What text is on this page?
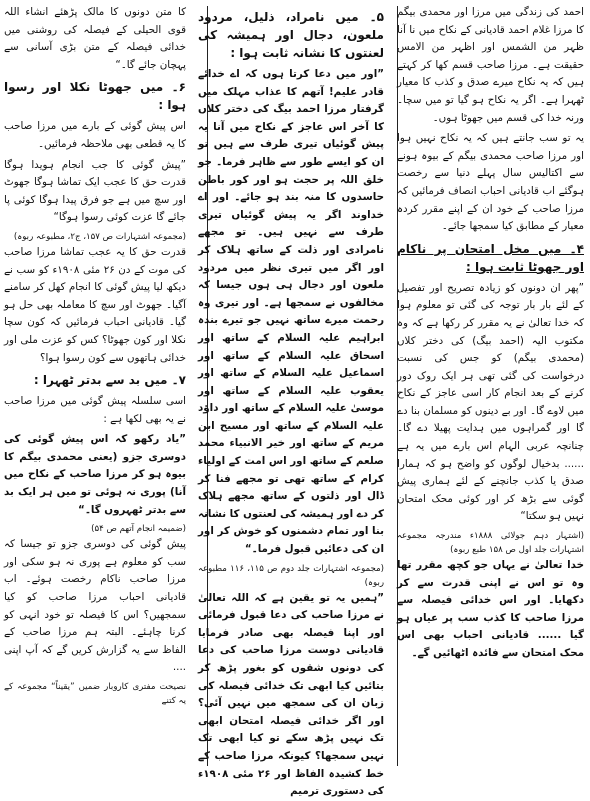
احمد کی زندگی میں مرزا اور محمدی بیگم کا مرزا غلام احمد قادیانی کے نکاح میں نا آنا ظہر من الشمس اور اظہر من الامس حقیقت ہے۔ مرزا صاحب قسم کھا کر کہتے ہیں کہ یہ نکاح میرے صدق و کذب کا معیار ٹھہرا ہے۔ اگر یہ نکاح ہو گیا تو میں سچا۔ ورنہ خدا کی قسم میں جھوٹا ہوں۔

یہ تو سب جانتے ہیں کہ یہ نکاح نہیں ہوا اور مرزا صاحب محمدی بیگم کے بیوہ ہونے سے اکتالیس سال پہلے دنیا سے رخصت ہوگئے اب قادیانی احباب انصاف فرمائیں کہ مرزا صاحب کے خود ان کے اپنے مقرر کردہ معیار کے مطابق کیا سمجھا جائے۔

۴۔ میں مخل امتحان پر ناکام اور جھوٹا ثابت ہوا :

”پھر ان دونوں کو زیادہ تصریح اور تفصیل کے لئے بار بار توجہ کی گئی تو معلوم ہوا کہ خدا تعالیٰ نے یہ مقرر کر رکھا ہے کہ وہ مکتوب الیہ (احمد بیگ) کی دختر کلاں (محمدی بیگم) کو جس کی نسبت درخواست کی گئی تھی ہر ایک روک دور کرنے کے بعد انجام کار اسی عاجز کے نکاح میں لاوے گا۔ اور بے دینوں کو مسلمان بنا دے گا اور گمراہوں میں ہدایت پھیلا دے گا۔ چنانچہ عربی الہام اس بارے میں یہ ہے ...... بدخیال لوگوں کو واضح ہو کہ ہمارا صدق یا کذب جانچنے کے لئے ہماری پیش گوئی سے بڑھ کر اور کوئی محک امتحان نہیں ہو سکتا“

(اشتہار دہم جولائی ۱۸۸۸ء مندرجہ مجموعہ اشتہارات جلد اول ص ۱۵۸ طبع ربوہ)

خدا تعالیٰ نے یہاں جو کچھ مقرر تھا وہ تو اس نے اپنی قدرت سے کر دکھایا۔ اور اس خدائی فیصلہ سے مرزا صاحب کا کذب سب پر عیاں ہو گیا ...... قادیانی احباب بھی اس محک امتحان سے فائدہ اٹھائیں گے۔

۵۔ میں نامراد، ذلیل، مردود ملعون، دجال اور ہمیشہ کی لعنتوں کا نشانہ ثابت ہوا :

”اور میں دعا کرتا ہوں کہ اے خدائے قادر علیم! آتھم کا عذاب مہلک میں گرفتار مرزا احمد بیگ کی دختر کلاں کا آخر اس عاجز کے نکاح میں آنا یہ پیش گوئیاں تیری طرف سے ہیں تو ان کو ایسے طور سے ظاہر فرما۔ جو خلق اللہ پر حجت ہو اور کور باطن حاسدوں کا منہ بند ہو جائے۔ اور اے خداوند اگر یہ پیش گوئیاں تیری طرف سے نہیں ہیں۔ تو مجھے نامرادی اور ذلت کے ساتھ ہلاک کر اور اگر میں تیری نظر میں مردود ملعون اور دجال ہی ہوں جیسا کہ مخالفوں نے سمجھا ہے۔ اور تیری وہ رحمت میرے ساتھ نہیں جو تیرے بندہ ابراہیم علیہ السلام کے ساتھ اور اسحاق علیہ السلام کے ساتھ اور اسماعیل علیہ السلام کے ساتھ اور یعقوب علیہ السلام کے ساتھ اور موسیٰ علیہ السلام کے ساتھ اور داؤد علیہ السلام کے ساتھ اور مسیح ابن مریم کے ساتھ اور خیر الانبیاء محمد صلعم کے ساتھ اور اس امت کے اولیاء کرام کے ساتھ تھی تو مجھے فنا کر ڈال اور ذلتوں کے ساتھ مجھے ہلاک کر دے اور ہمیشہ کی لعنتوں کا نشانہ بنا اور تمام دشمنوں کو خوش کر اور ان کی دعائیں قبول فرما۔“

(مجموعہ اشتہارات جلد دوم ص ۱۱۵، ۱۱۶ مطبوعہ ربوہ)

”ہمیں یہ تو یقین ہے کہ اللہ تعالیٰ نے مرزا صاحب کی دعا قبول فرمائی اور اپنا فیصلہ بھی صادر فرمایا قادیانی دوست مرزا صاحب کی دعا کی دونوں شقوں کو بغور پڑھ کر بتائیں کیا ابھی تک خدائی فیصلہ کی زبان ان کی سمجھ میں نہیں آئی؟ اور اگر خدائی فیصلہ امتحان ابھی تک نہیں پڑھ سکے تو کیا ابھی تک نہیں سمجھا؟ کیونکہ مرزا صاحب کے خط کشیدہ الفاظ اور ۲۶ مئی ۱۹۰۸ء کی دستوری ترمیم

کا متن دونوں کا مالک پڑھئے انشاء اللہ قوی الحیلی کے فیصلہ کی روشنی میں خدائی فیصلہ کے متن بڑی آسانی سے پہچان جائے گا۔“

۶۔ میں جھوٹا نکلا اور رسوا ہوا :

اس پیش گوئی کے بارے میں مرزا صاحب کا یہ قطعی بھی ملاحظہ فرمائیں۔

”پیش گوئی کا جب انجام ہویدا ہوگا قدرت حق کا عجب ایک تماشا ہوگا جھوٹ اور سچ میں ہے جو فرق پیدا ہوگا کوئی پا جائے گا عزت کوئی رسوا ہوگا“

(مجموعہ اشتہارات ص ۱۵۷، ج۲، مطبوعہ ربوہ)

قدرت حق کا یہ عجب تماشا مرزا صاحب کی موت کے دن ۲۶ مئی ۱۹۰۸ء کو سب نے دیکھ لیا پیش گوئی کا انجام کھل کر سامنے آگیا۔ جھوٹ اور سچ کا معاملہ بھی حل ہو گیا۔ قادیانی احباب فرمائیں کہ کون سچا نکلا اور کون جھوٹا؟ کس کو عزت ملی اور خدائی ہاتھوں سے کون رسوا ہوا؟

۷۔ میں بد سے بدتر ٹھہرا :

اسی سلسلہ پیش گوئی میں مرزا صاحب نے یہ بھی لکھا ہے :

”یاد رکھو کہ اس پیش گوئی کی دوسری جزو (یعنی محمدی بیگم کا بیوہ ہو کر مرزا صاحب کے نکاح میں آنا) پوری نہ ہوئی تو میں ہر ایک بد سے بدتر ٹھہروں گا۔“

(ضمیمہ انجام آتھم ص ۵۴)

پیش گوئی کی دوسری جزو تو جیسا کہ سب کو معلوم ہے پوری نہ ہو سکی اور مرزا صاحب ناکام رخصت ہوئے۔ اب قادیانی احباب مرزا صاحب کو کیا سمجھیں؟ اس کا فیصلہ تو خود انہی کو کرنا چاہئے۔ البتہ ہم مرزا صاحب کے الفاظ سے یہ گزارش کریں گے کہ آپ اپنی ....

نصیحت مفتری کاروبار ضمیں ”یقیناً“ مجموعہ کے یہ کتنے
